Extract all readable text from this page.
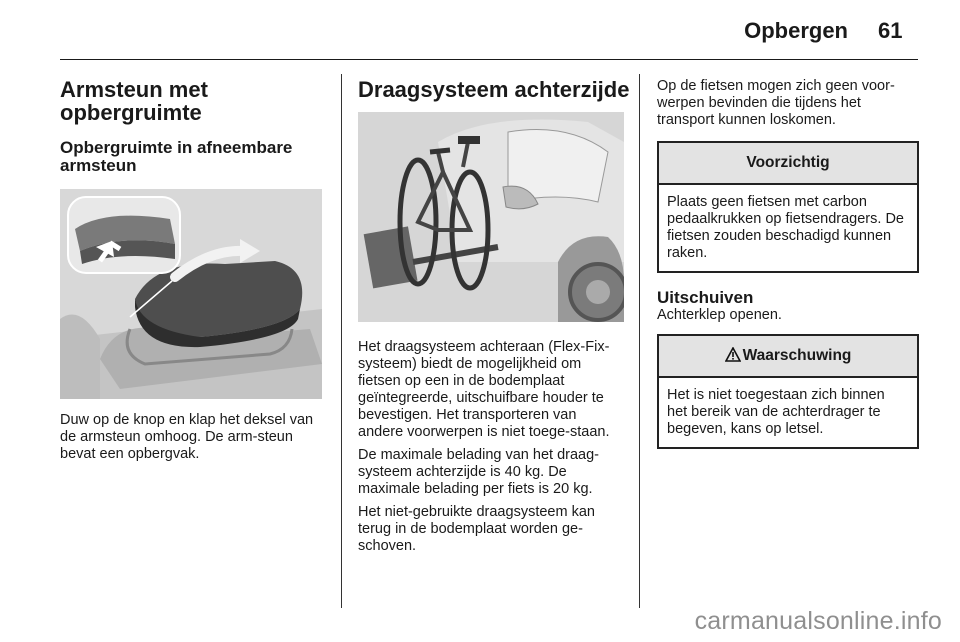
Opbergen 61
Armsteun met opbergruimte
Opbergruimte in afneembare armsteun

Duw op de knop en klap het deksel van de armsteun omhoog. De arm-steun bevat een opbergvak.

Draagsysteem achterzijde

Het draagsysteem achteraan (Flex-Fix-systeem) biedt de mogelijkheid om fietsen op een in de bodemplaat geïntegreerde, uitschuifbare houder te bevestigen. Het transporteren van andere voorwerpen is niet toege-staan.

De maximale belading van het draag-systeem achterzijde is 40 kg. De maximale belading per fiets is 20 kg.

Het niet-gebruikte draagsysteem kan terug in de bodemplaat worden ge-schoven.

Op de fietsen mogen zich geen voor-werpen bevinden die tijdens het transport kunnen loskomen.

Voorzichtig

Plaats geen fietsen met carbon pedaalkrukken op fietsendragers. De fietsen zouden beschadigd kunnen raken.

Uitschuiven

Achterklep openen.

Waarschuwing

Het is niet toegestaan zich binnen het bereik van de achterdrager te begeven, kans op letsel.

carmanualsonline.info
